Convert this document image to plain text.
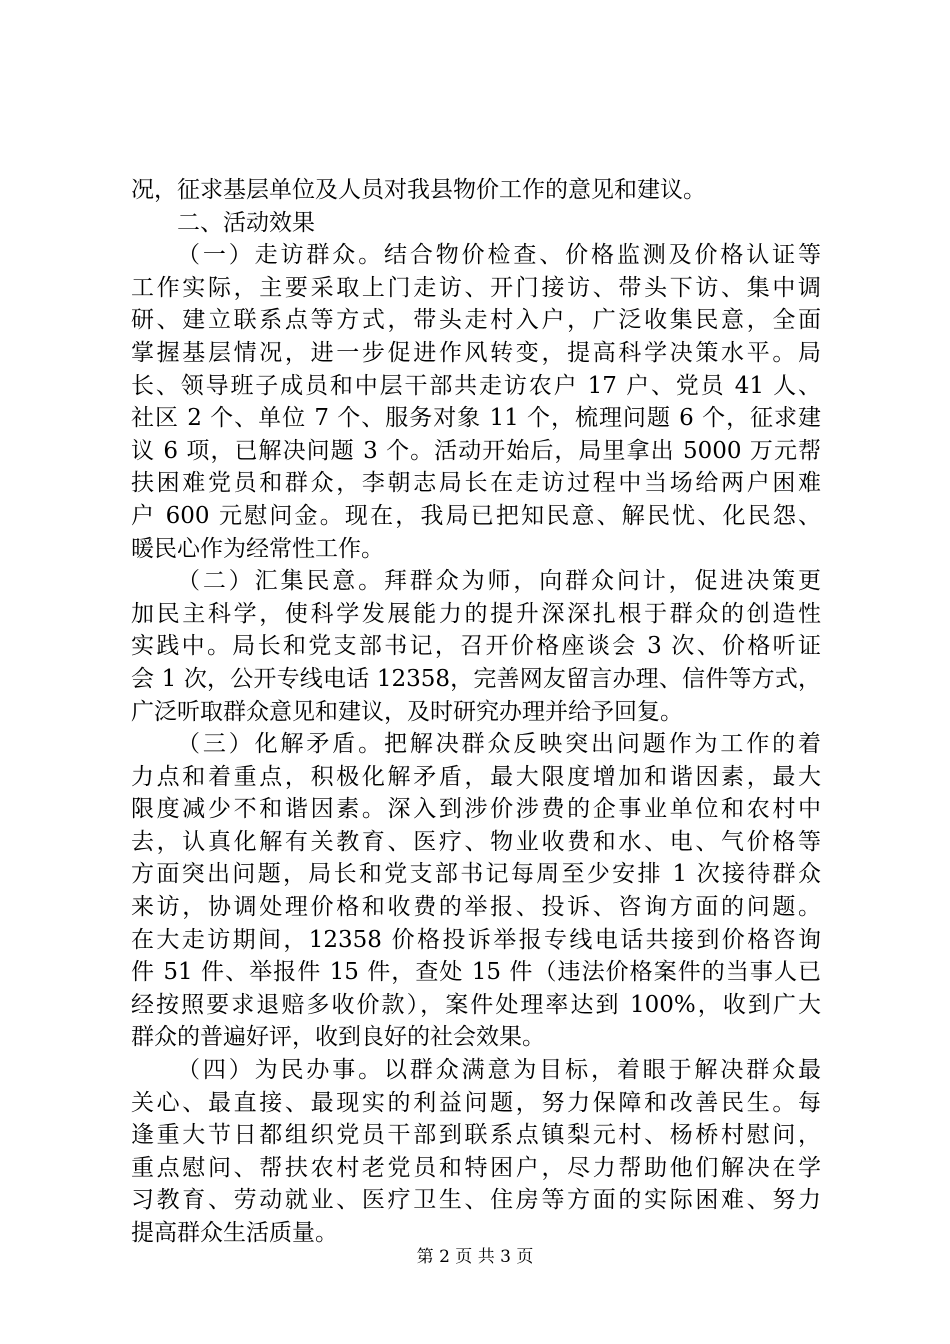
况，征求基层单位及人员对我县物价工作的意见和建议。
二、活动效果
（一）走访群众。结合物价检查、价格监测及价格认证等
工作实际，主要采取上门走访、开门接访、带头下访、集中调
研、建立联系点等方式，带头走村入户，广泛收集民意，全面
掌握基层情况，进一步促进作风转变，提高科学决策水平。局
长、领导班子成员和中层干部共走访农户 17 户、党员 41 人、
社区 2 个、单位 7 个、服务对象 11 个，梳理问题 6 个，征求建
议 6 项，已解决问题 3 个。活动开始后，局里拿出 5000 万元帮
扶困难党员和群众，李朝志局长在走访过程中当场给两户困难
户 600 元慰问金。现在，我局已把知民意、解民忧、化民怨、
暖民心作为经常性工作。
（二）汇集民意。拜群众为师，向群众问计，促进决策更
加民主科学，使科学发展能力的提升深深扎根于群众的创造性
实践中。局长和党支部书记，召开价格座谈会 3 次、价格听证
会 1 次，公开专线电话 12358，完善网友留言办理、信件等方式，
广泛听取群众意见和建议，及时研究办理并给予回复。
（三）化解矛盾。把解决群众反映突出问题作为工作的着
力点和着重点，积极化解矛盾，最大限度增加和谐因素，最大
限度减少不和谐因素。深入到涉价涉费的企事业单位和农村中
去，认真化解有关教育、医疗、物业收费和水、电、气价格等
方面突出问题，局长和党支部书记每周至少安排 1 次接待群众
来访，协调处理价格和收费的举报、投诉、咨询方面的问题。
在大走访期间，12358 价格投诉举报专线电话共接到价格咨询
件 51 件、举报件 15 件，查处 15 件（违法价格案件的当事人已
经按照要求退赔多收价款），案件处理率达到 100%，收到广大
群众的普遍好评，收到良好的社会效果。
（四）为民办事。以群众满意为目标，着眼于解决群众最
关心、最直接、最现实的利益问题，努力保障和改善民生。每
逢重大节日都组织党员干部到联系点镇梨元村、杨桥村慰问，
重点慰问、帮扶农村老党员和特困户，尽力帮助他们解决在学
习教育、劳动就业、医疗卫生、住房等方面的实际困难、努力
提高群众生活质量。
第 2 页 共 3 页
